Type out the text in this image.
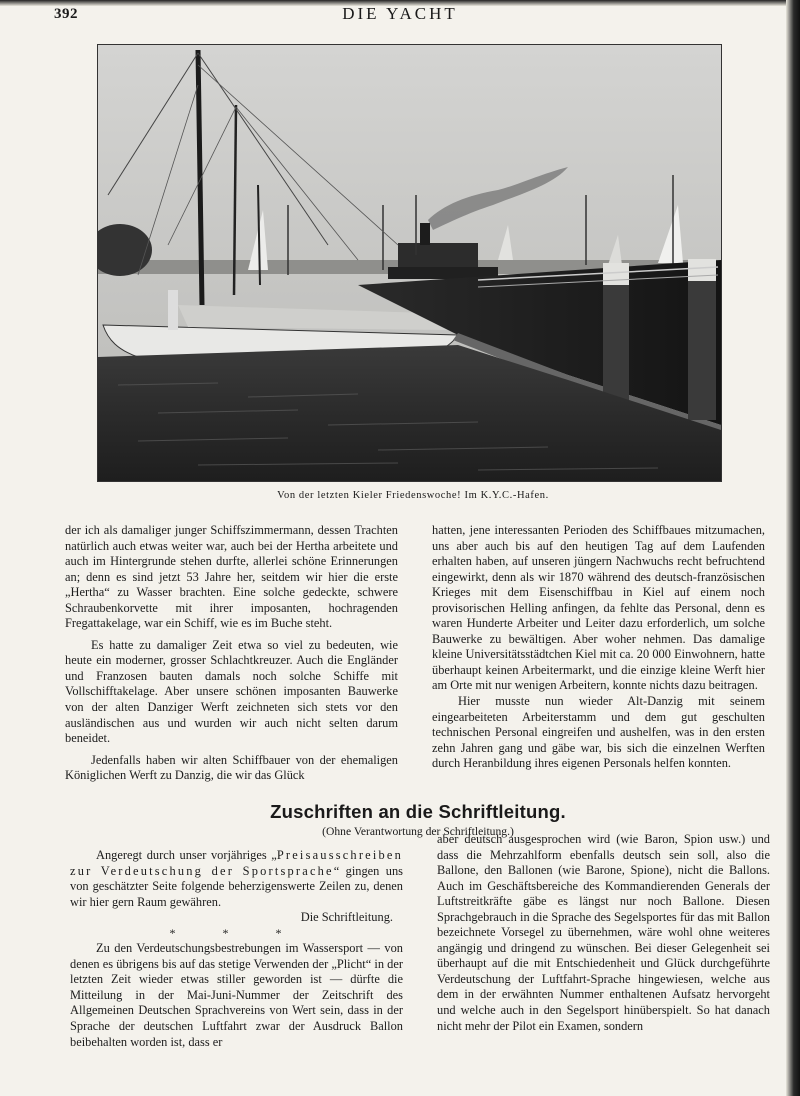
392	DIE YACHT
Von der letzten Kieler Friedenswoche! Im K.Y.C.-Hafen.

der ich als damaliger junger Schiffszimmermann, dessen Trachten natürlich auch etwas weiter war, auch bei der Hertha arbeitete und auch im Hintergrunde stehen durfte, allerlei schöne Erinnerungen an; denn es sind jetzt 53 Jahre her, seitdem wir hier die erste „Hertha“ zu Wasser brachten. Eine solche gedeckte, schwere Schraubenkorvette mit ihrer imposanten, hochragenden Fregattakelage, war ein Schiff, wie es im Buche steht.

Es hatte zu damaliger Zeit etwa so viel zu bedeuten, wie heute ein moderner, grosser Schlachtkreuzer. Auch die Engländer und Franzosen bauten damals noch solche Schiffe mit Vollschifftakelage. Aber unsere schönen imposanten Bauwerke von der alten Danziger Werft zeichneten sich stets vor den ausländischen aus und wurden wir auch nicht selten darum beneidet.

Jedenfalls haben wir alten Schiffbauer von der ehemaligen Königlichen Werft zu Danzig, die wir das Glück

hatten, jene interessanten Perioden des Schiffbaues mitzumachen, uns aber auch bis auf den heutigen Tag auf dem Laufenden erhalten haben, auf unseren jüngern Nachwuchs recht befruchtend eingewirkt, denn als wir 1870 während des deutsch-französischen Krieges mit dem Eisenschiffbau in Kiel auf einem noch provisorischen Helling anfingen, da fehlte das Personal, denn es waren Hunderte Arbeiter und Leiter dazu erforderlich, um solche Bauwerke zu bewältigen. Aber woher nehmen. Das damalige kleine Universitätsstädtchen Kiel mit ca. 20 000 Einwohnern, hatte überhaupt keinen Arbeitermarkt, und die einzige kleine Werft hier am Orte mit nur wenigen Arbeitern, konnte nichts dazu beitragen.

Hier musste nun wieder Alt-Danzig mit seinem eingearbeiteten Arbeiterstamm und dem gut geschulten technischen Personal eingreifen und aushelfen, was in den ersten zehn Jahren gang und gäbe war, bis sich die einzelnen Werften durch Heranbildung ihres eigenen Personals helfen konnten.

Zuschriften an die Schriftleitung.
(Ohne Verantwortung der Schriftleitung.)

Angeregt durch unser vorjähriges „Preisausschreiben zur Verdeutschung der Sportsprache“ gingen uns von geschätzter Seite folgende beherzigenswerte Zeilen zu, denen wir hier gern Raum gewähren.

Die Schriftleitung.

* * *

Zu den Verdeutschungsbestrebungen im Wassersport — von denen es übrigens bis auf das stetige Verwenden der „Plicht“ in der letzten Zeit wieder etwas stiller geworden ist — dürfte die Mitteilung in der Mai-Juni-Nummer der Zeitschrift des Allgemeinen Deutschen Sprachvereins von Wert sein, dass in der Sprache der deutschen Luftfahrt zwar der Ausdruck Ballon beibehalten worden ist, dass er

aber deutsch ausgesprochen wird (wie Baron, Spion usw.) und dass die Mehrzahlform ebenfalls deutsch sein soll, also die Ballone, den Ballonen (wie Barone, Spione), nicht die Ballons. Auch im Geschäftsbereiche des Kommandierenden Generals der Luftstreitkräfte gäbe es längst nur noch Ballone. Diesen Sprachgebrauch in die Sprache des Segelsportes für das mit Ballon bezeichnete Vorsegel zu übernehmen, wäre wohl ohne weiteres angängig und dringend zu wünschen. Bei dieser Gelegenheit sei überhaupt auf die mit Entschiedenheit und Glück durchgeführte Verdeutschung der Luftfahrt-Sprache hingewiesen, welche aus dem in der erwähnten Nummer enthaltenen Aufsatz hervorgeht und welche auch in den Segelsport hinüberspielt. So hat danach nicht mehr der Pilot ein Examen, sondern
